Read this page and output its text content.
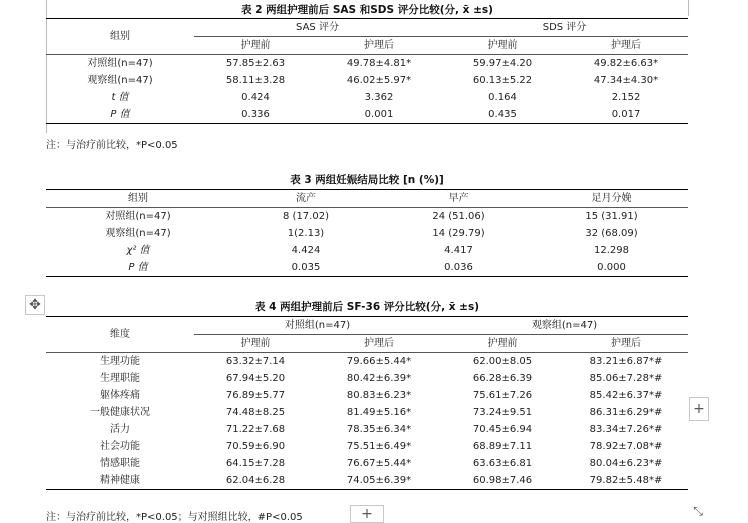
表 2 两组护理前后 SAS 和SDS 评分比较(分, x̄ ±s)
组别	SAS 评分		SDS 评分	
	护理前	护理后	护理前	护理后
对照组(n=47)	57.85±2.63	49.78±4.81*	59.97±4.20	49.82±6.63*
观察组(n=47)	58.11±3.28	46.02±5.97*	60.13±5.22	47.34±4.30*
t 值	0.424	3.362	0.164	2.152
P 值	0.336	0.001	0.435	0.017
注：与治疗前比较，*P<0.05
表 3 两组妊娠结局比较 [n (%)]
组别	流产	早产	足月分娩
对照组(n=47)	8 (17.02)	24 (51.06)	15 (31.91)
观察组(n=47)	1(2.13)	14 (29.79)	32 (68.09)
χ² 值	4.424	4.417	12.298
P 值	0.035	0.036	0.000
✥	表 4 两组护理前后 SF-36 评分比较(分, x̄ ±s)
维度	对照组(n=47)		观察组(n=47)	
	护理前	护理后	护理前	护理后
生理功能	63.32±7.14	79.66±5.44*	62.00±8.05	83.21±6.87*#
生理职能	67.94±5.20	80.42±6.39*	66.28±6.39	85.06±7.28*#
躯体疼痛	76.89±5.77	80.83±6.23*	75.61±7.26	85.42±6.37*#
一般健康状况	74.48±8.25	81.49±5.16*	73.24±9.51	86.31±6.29*#
活力	71.22±7.68	78.35±6.34*	70.45±6.94	83.34±7.26*#
社会功能	70.59±6.90	75.51±6.49*	68.89±7.11	78.92±7.08*#
情感职能	64.15±7.28	76.67±5.44*	63.63±6.81	80.04±6.23*#
精神健康	62.04±6.28	74.05±6.39*	60.98±7.46	79.82±5.48*#
注：与治疗前比较，*P<0.05；与对照组比较，#P<0.05
+
+	⤡
